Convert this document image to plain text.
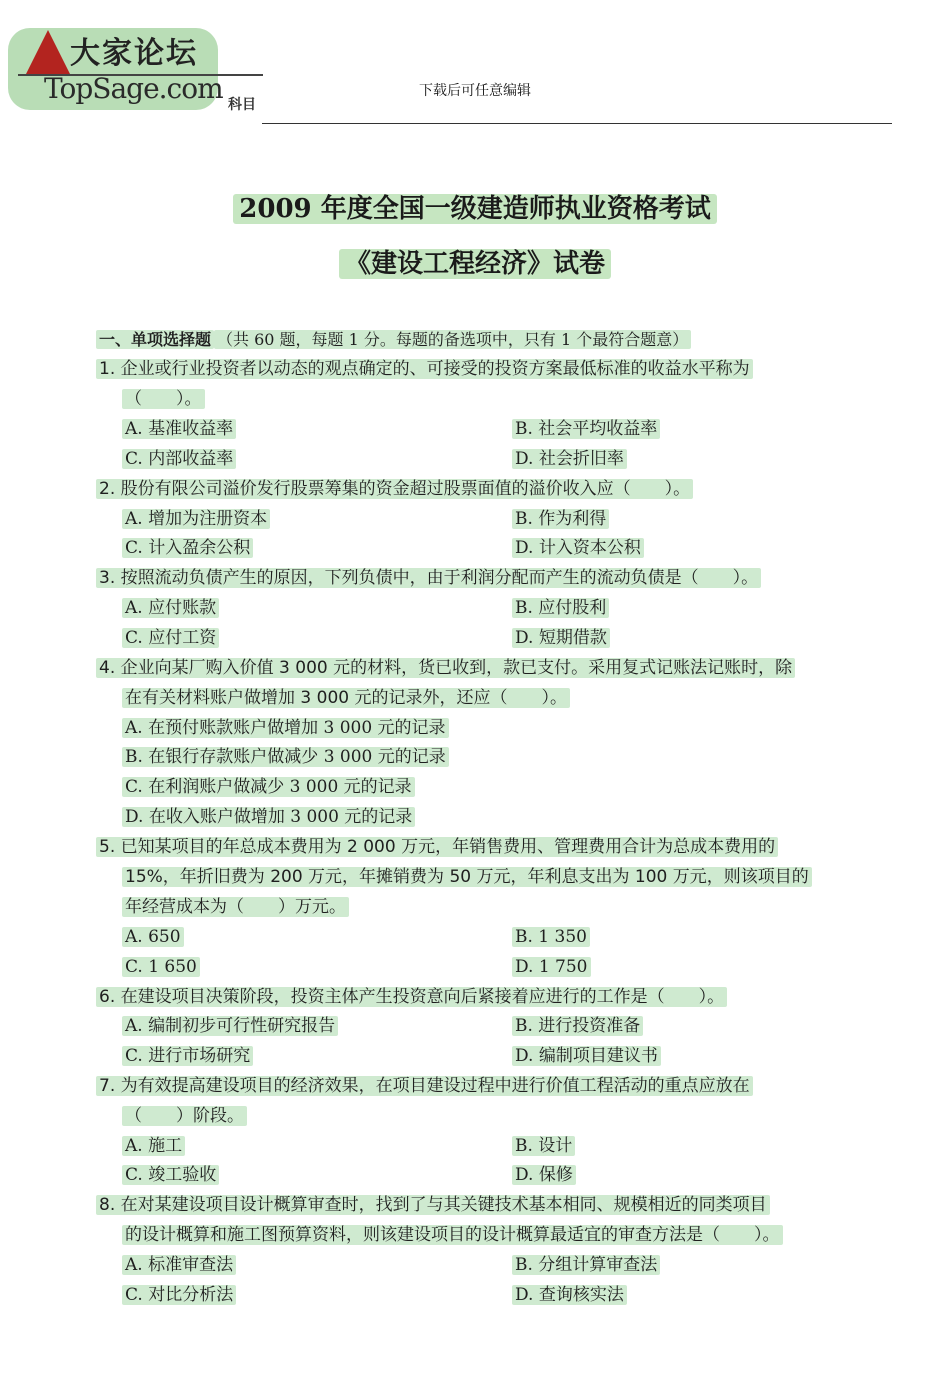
大家论坛
TopSage.com 科目
下载后可任意编辑
2009 年度全国一级建造师执业资格考试
《建设工程经济》试卷
一、单项选择题 （共 60 题，每题 1 分。每题的备选项中，只有 1 个最符合题意）
1. 企业或行业投资者以动态的观点确定的、可接受的投资方案最低标准的收益水平称为
（　　）。
A. 基准收益率	B. 社会平均收益率
C. 内部收益率	D. 社会折旧率
2. 股份有限公司溢价发行股票筹集的资金超过股票面值的溢价收入应（　　）。
A. 增加为注册资本	B. 作为利得
C. 计入盈余公积	D. 计入资本公积
3. 按照流动负债产生的原因，下列负债中，由于利润分配而产生的流动负债是（　　）。
A. 应付账款	B. 应付股利
C. 应付工资	D. 短期借款
4. 企业向某厂购入价值 3 000 元的材料，货已收到，款已支付。采用复式记账法记账时，除
在有关材料账户做增加 3 000 元的记录外，还应（　　）。
A. 在预付账款账户做增加 3 000 元的记录
B. 在银行存款账户做减少 3 000 元的记录
C. 在利润账户做减少 3 000 元的记录
D. 在收入账户做增加 3 000 元的记录
5. 已知某项目的年总成本费用为 2 000 万元，年销售费用、管理费用合计为总成本费用的
15%，年折旧费为 200 万元，年摊销费为 50 万元，年利息支出为 100 万元，则该项目的
年经营成本为（　　）万元。
A. 650	B. 1 350
C. 1 650	D. 1 750
6. 在建设项目决策阶段，投资主体产生投资意向后紧接着应进行的工作是（　　）。
A. 编制初步可行性研究报告	B. 进行投资准备
C. 进行市场研究	D. 编制项目建议书
7. 为有效提高建设项目的经济效果，在项目建设过程中进行价值工程活动的重点应放在
（　　）阶段。
A. 施工	B. 设计
C. 竣工验收	D. 保修
8. 在对某建设项目设计概算审查时，找到了与其关键技术基本相同、规模相近的同类项目
的设计概算和施工图预算资料，则该建设项目的设计概算最适宜的审查方法是（　　）。
A. 标准审查法	B. 分组计算审查法
C. 对比分析法	D. 查询核实法
